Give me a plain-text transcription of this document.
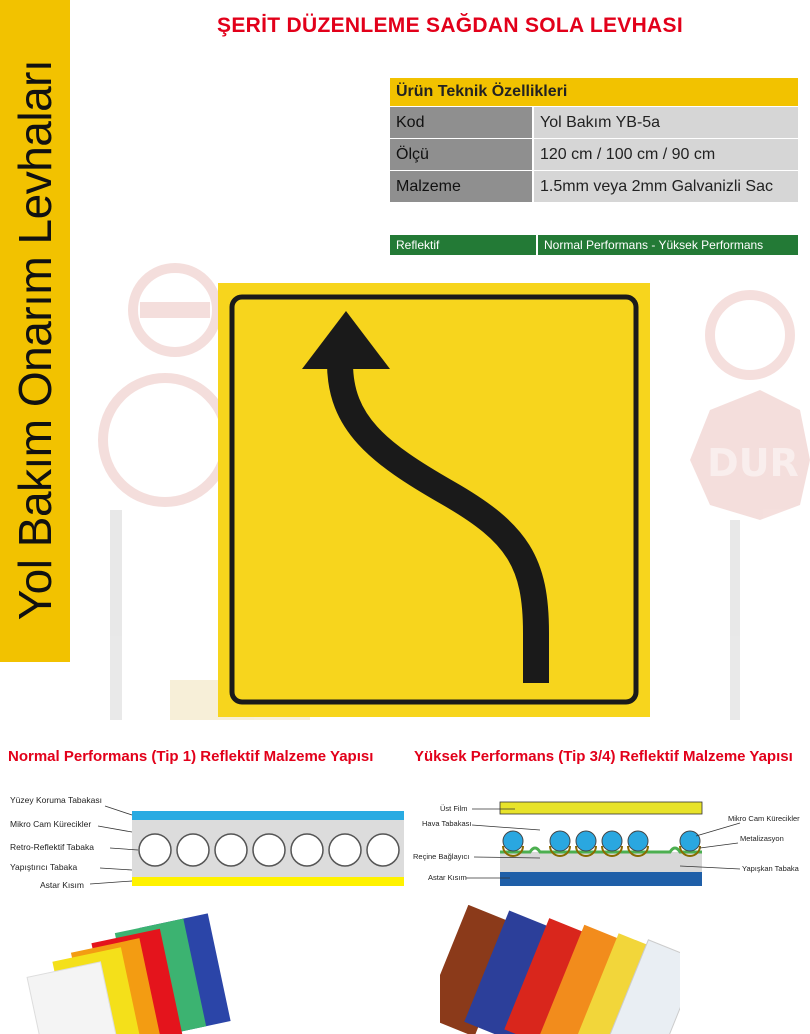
Yol Bakım Onarım Levhaları
ŞERİT DÜZENLEME SAĞDAN SOLA LEVHASI
Ürün Teknik Özellikleri	
Kod	Yol Bakım YB-5a
Ölçü	120 cm / 100 cm / 90 cm
Malzeme	1.5mm veya 2mm Galvanizli Sac
Reflektif	Normal Performans - Yüksek Performans
DUR
Normal Performans (Tip 1) Reflektif Malzeme Yapısı	Yüksek Performans (Tip 3/4) Reflektif Malzeme Yapısı
Yüzey Koruma Tabakası
Mikro Cam Kürecikler
Retro-Reflektif Tabaka
Yapıştırıcı Tabaka
Astar Kısım
Üst Film
Hava Tabakası
Reçine Bağlayıcı
Astar Kısım
Mikro Cam Kürecikler
Metalizasyon
Yapışkan Tabaka
